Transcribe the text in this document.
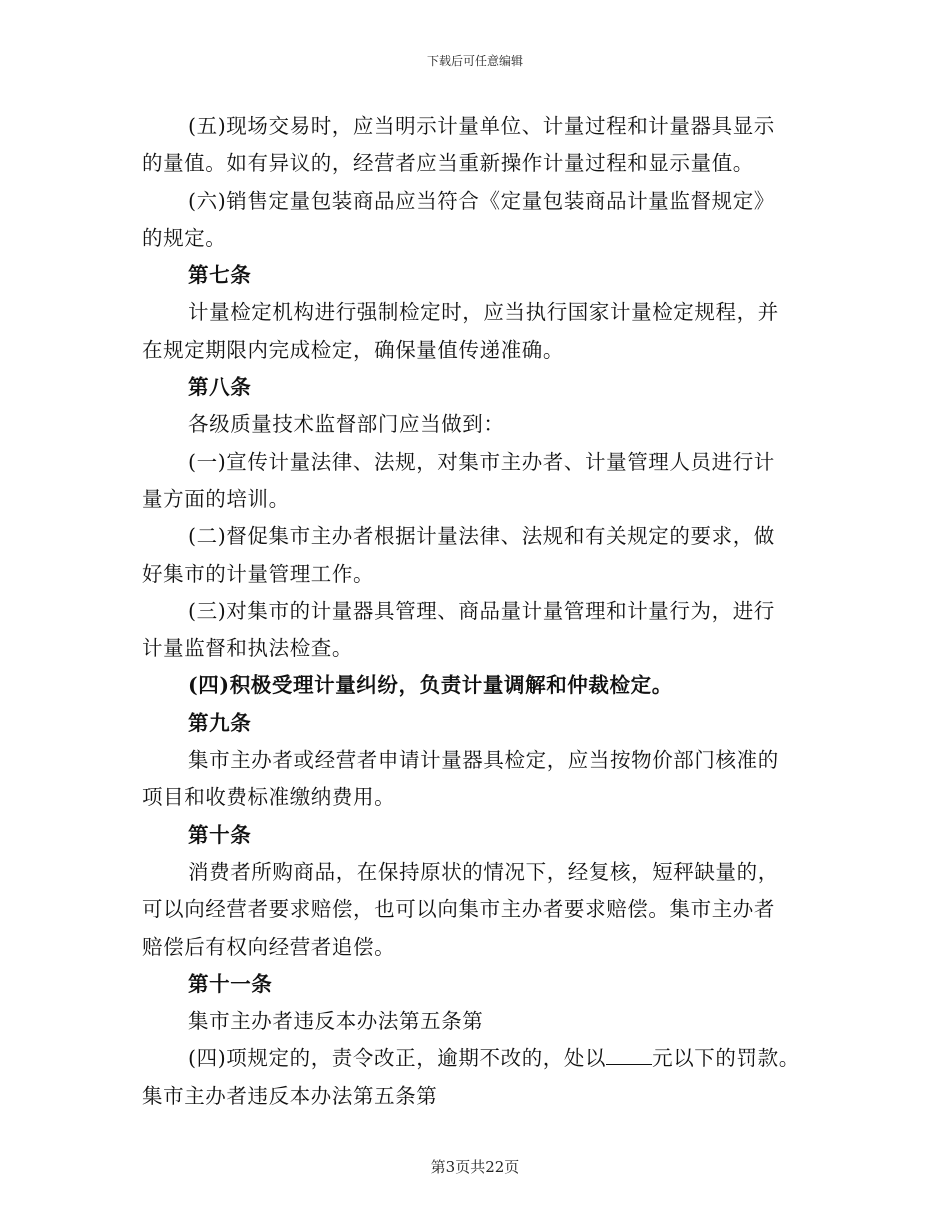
下载后可任意编辑
(五)现场交易时，应当明示计量单位、计量过程和计量器具显示
的量值。如有异议的，经营者应当重新操作计量过程和显示量值。
(六)销售定量包装商品应当符合《定量包装商品计量监督规定》
的规定。
第七条
计量检定机构进行强制检定时，应当执行国家计量检定规程，并
在规定期限内完成检定，确保量值传递准确。
第八条
各级质量技术监督部门应当做到：
(一)宣传计量法律、法规，对集市主办者、计量管理人员进行计
量方面的培训。
(二)督促集市主办者根据计量法律、法规和有关规定的要求，做
好集市的计量管理工作。
(三)对集市的计量器具管理、商品量计量管理和计量行为，进行
计量监督和执法检查。
(四)积极受理计量纠纷，负责计量调解和仲裁检定。
第九条
集市主办者或经营者申请计量器具检定，应当按物价部门核准的
项目和收费标准缴纳费用。
第十条
消费者所购商品，在保持原状的情况下，经复核，短秤缺量的，
可以向经营者要求赔偿，也可以向集市主办者要求赔偿。集市主办者
赔偿后有权向经营者追偿。
第十一条
集市主办者违反本办法第五条第
(四)项规定的，责令改正，逾期不改的，处以 元以下的罚款。
集市主办者违反本办法第五条第
第3页共22页
